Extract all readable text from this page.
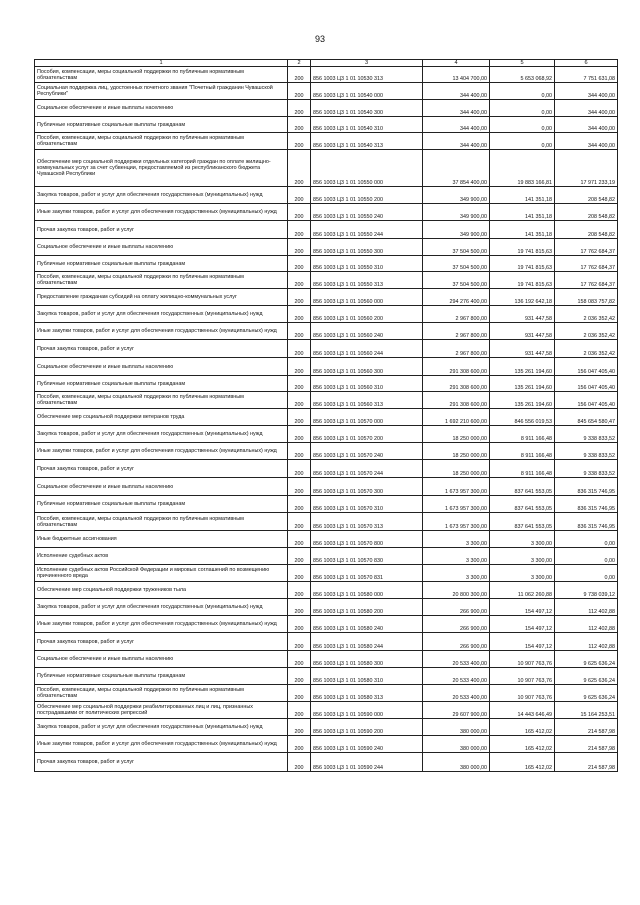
93
1	2	3	4	5	6

Пособия, компенсации, меры социальной поддержки по публичным нормативным обязательствам	200	856 1003 Ц3 1 01 10530 313	13 404 700,00	5 653 068,92	7 751 631,08

Социальная поддержка лиц, удостоенных почетного звания "Почетный гражданин Чувашской Республики"	200	856 1003 Ц3 1 01 10540 000	344 400,00	0,00	344 400,00

Социальное обеспечение и иные выплаты населению	200	856 1003 Ц3 1 01 10540 300	344 400,00	0,00	344 400,00

Публичные нормативные социальные выплаты гражданам	200	856 1003 Ц3 1 01 10540 310	344 400,00	0,00	344 400,00

Пособия, компенсации, меры социальной поддержки по публичным нормативным обязательствам	200	856 1003 Ц3 1 01 10540 313	344 400,00	0,00	344 400,00

Обеспечение мер социальной поддержки отдельных категорий граждан по оплате жилищно-коммунальных услуг за счет субвенции, предоставляемой из республиканского бюджета Чувашской Республики	200	856 1003 Ц3 1 01 10550 000	37 854 400,00	19 883 166,81	17 971 233,19

Закупка товаров, работ и услуг для обеспечения государственных (муниципальных) нужд	200	856 1003 Ц3 1 01 10550 200	349 900,00	141 351,18	208 548,82

Иные закупки товаров, работ и услуг для обеспечения государственных (муниципальных) нужд	200	856 1003 Ц3 1 01 10550 240	349 900,00	141 351,18	208 548,82

Прочая закупка товаров, работ и услуг	200	856 1003 Ц3 1 01 10550 244	349 900,00	141 351,18	208 548,82

Социальное обеспечение и иные выплаты населению	200	856 1003 Ц3 1 01 10550 300	37 504 500,00	19 741 815,63	17 762 684,37

Публичные нормативные социальные выплаты гражданам	200	856 1003 Ц3 1 01 10550 310	37 504 500,00	19 741 815,63	17 762 684,37

Пособия, компенсации, меры социальной поддержки по публичным нормативным обязательствам	200	856 1003 Ц3 1 01 10550 313	37 504 500,00	19 741 815,63	17 762 684,37

Предоставление гражданам субсидий на оплату жилищно-коммунальных услуг	200	856 1003 Ц3 1 01 10560 000	294 276 400,00	136 192 642,18	158 083 757,82

Закупка товаров, работ и услуг для обеспечения государственных (муниципальных) нужд	200	856 1003 Ц3 1 01 10560 200	2 967 800,00	931 447,58	2 036 352,42

Иные закупки товаров, работ и услуг для обеспечения государственных (муниципальных) нужд	200	856 1003 Ц3 1 01 10560 240	2 967 800,00	931 447,58	2 036 352,42

Прочая закупка товаров, работ и услуг	200	856 1003 Ц3 1 01 10560 244	2 967 800,00	931 447,58	2 036 352,42

Социальное обеспечение и иные выплаты населению	200	856 1003 Ц3 1 01 10560 300	291 308 600,00	135 261 194,60	156 047 405,40

Публичные нормативные социальные выплаты гражданам	200	856 1003 Ц3 1 01 10560 310	291 308 600,00	135 261 194,60	156 047 405,40

Пособия, компенсации, меры социальной поддержки по публичным нормативным обязательствам	200	856 1003 Ц3 1 01 10560 313	291 308 600,00	135 261 194,60	156 047 405,40

Обеспечение мер социальной поддержки ветеранов труда	200	856 1003 Ц3 1 01 10570 000	1 692 210 600,00	846 556 019,53	845 654 580,47

Закупка товаров, работ и услуг для обеспечения государственных (муниципальных) нужд	200	856 1003 Ц3 1 01 10570 200	18 250 000,00	8 911 166,48	9 338 833,52

Иные закупки товаров, работ и услуг для обеспечения государственных (муниципальных) нужд	200	856 1003 Ц3 1 01 10570 240	18 250 000,00	8 911 166,48	9 338 833,52

Прочая закупка товаров, работ и услуг	200	856 1003 Ц3 1 01 10570 244	18 250 000,00	8 911 166,48	9 338 833,52

Социальное обеспечение и иные выплаты населению	200	856 1003 Ц3 1 01 10570 300	1 673 957 300,00	837 641 553,05	836 315 746,95

Публичные нормативные социальные выплаты гражданам	200	856 1003 Ц3 1 01 10570 310	1 673 957 300,00	837 641 553,05	836 315 746,95

Пособия, компенсации, меры социальной поддержки по публичным нормативным обязательствам	200	856 1003 Ц3 1 01 10570 313	1 673 957 300,00	837 641 553,05	836 315 746,95

Иные бюджетные ассигнования	200	856 1003 Ц3 1 01 10570 800	3 300,00	3 300,00	0,00

Исполнение судебных актов	200	856 1003 Ц3 1 01 10570 830	3 300,00	3 300,00	0,00

Исполнение судебных актов Российской Федерации и мировых соглашений по возмещению причиненного вреда	200	856 1003 Ц3 1 01 10570 831	3 300,00	3 300,00	0,00

Обеспечение мер социальной поддержки тружеников тыла	200	856 1003 Ц3 1 01 10580 000	20 800 300,00	11 062 260,88	9 738 039,12

Закупка товаров, работ и услуг для обеспечения государственных (муниципальных) нужд	200	856 1003 Ц3 1 01 10580 200	266 900,00	154 497,12	112 402,88

Иные закупки товаров, работ и услуг для обеспечения государственных (муниципальных) нужд	200	856 1003 Ц3 1 01 10580 240	266 900,00	154 497,12	112 402,88

Прочая закупка товаров, работ и услуг	200	856 1003 Ц3 1 01 10580 244	266 900,00	154 497,12	112 402,88

Социальное обеспечение и иные выплаты населению	200	856 1003 Ц3 1 01 10580 300	20 533 400,00	10 907 763,76	9 625 636,24

Публичные нормативные социальные выплаты гражданам	200	856 1003 Ц3 1 01 10580 310	20 533 400,00	10 907 763,76	9 625 636,24

Пособия, компенсации, меры социальной поддержки по публичным нормативным обязательствам	200	856 1003 Ц3 1 01 10580 313	20 533 400,00	10 907 763,76	9 625 636,24

Обеспечение мер социальной поддержки реабилитированных лиц и лиц, признанных пострадавшими от политических репрессий	200	856 1003 Ц3 1 01 10590 000	29 607 900,00	14 443 646,49	15 164 253,51

Закупка товаров, работ и услуг для обеспечения государственных (муниципальных) нужд	200	856 1003 Ц3 1 01 10590 200	380 000,00	165 412,02	214 587,98

Иные закупки товаров, работ и услуг для обеспечения государственных (муниципальных) нужд	200	856 1003 Ц3 1 01 10590 240	380 000,00	165 412,02	214 587,98

Прочая закупка товаров, работ и услуг	200	856 1003 Ц3 1 01 10590 244	380 000,00	165 412,02	214 587,98
